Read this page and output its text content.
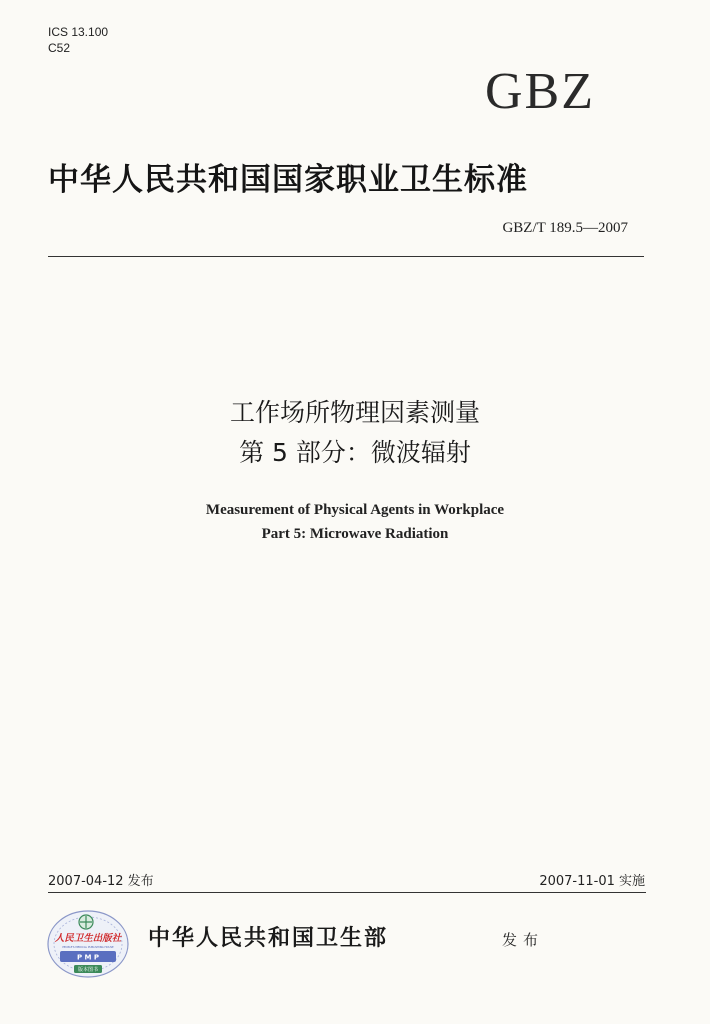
ICS 13.100
C52
GBZ
中华人民共和国国家职业卫生标准
GBZ/T 189.5—2007
工作场所物理因素测量
第 5 部分：微波辐射
Measurement of Physical Agents in Workplace
Part 5: Microwave Radiation
2007-04-12 发布	2007-11-01 实施
人民卫生出版社
PEOPLE'S MEDICAL PUBLISHING HOUSE
P M P
版本图书
中华人民共和国卫生部	发布
